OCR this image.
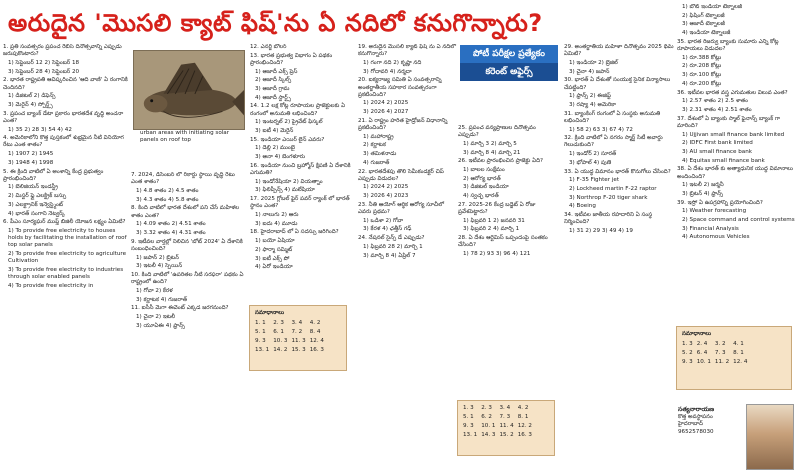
అరుదైన 'మొసలి క్యాట్ ఫిష్'ను ఏ నదిలో కనుగొన్నారు?
urban areas with initiating solar panels on roof top
పోటీ పరీక్షల ప్రత్యేకం
కరెంట్ అఫైర్స్

1. ప్రతి సంవత్సరం ప్రపంచ రేబిస్ దినోత్సవాన్ని ఎప్పుడు జరుపుకొంటారు?

1) సెప్టెంబర్ 12 2) సెప్టెంబర్ 18

3) సెప్టెంబర్ 28 4) సెప్టెంబర్ 20

2. భారత రాష్ట్రపతి ఆవిష్కరించిన 'ఆది వాణి' ఏ రంగానికి చెందినది?

1) డిజిటల్ 2) డిఫెన్స్

3) మెరైన్ 4) స్పోర్ట్స్

3. ప్రపంచ బ్యాంక్ డేటా ప్రకారం భారతదేశ వృద్ధి అంచనా ఎంత?

1) 35 2) 28 3) 54 4) 42

4. అమెరికాలోని కొత్త పుస్తకంలో శుభ్రమైన నీటి వినియోగ రేటు ఎంత శాతం?

1) 1907 2) 1945

3) 1948 4) 1998

5. ఈ క్రింది వాటిలో ఏ అంశాన్ని కేంద్ర ప్రభుత్వం ప్రారంభించింది?

1) బెలిజియన్ ఇండస్ట్రీ

2) మిస్టర్ ఫ్లై ఎలక్ట్రిక్ బస్సు

3) ఎలక్ట్రానిక్ ఇన్వెస్ట్మెంట్

4) భారత్ సంగాని నెట్వర్క్

6. పీఎం సూర్యఘర్ ముఫ్త్ బిజిలీ యోజన లక్ష్యం ఏమిటి?

1) To provide free electricity to houses holds by facilitating the installation of roof top solar panels

2) To provide free electricity to agriculture Cultivation

3) To provide free electricity to industries through solar enabled panels

4) To provide free electricity in

7. 2024, డిసెంబర్ లో రికార్డు స్థాయి వృద్ధి రేటు ఎంత శాతం?

1) 4.8 శాతం 2) 4.5 శాతం

3) 4.3 శాతం 4) 5.8 శాతం

8. కింది వాటిలో భారత దేశంలో పని చేసే మహిళల శాతం ఎంత?

1) 4.09 శాతం 2) 4.51 శాతం

3) 3.32 శాతం 4) 4.31 శాతం

9. ఇటీవల వార్తల్లో నిలిచిన 'బోట్ 2024' ఏ దేశానికి సంబంధించింది?

1) జపాన్ 2) బ్రిటన్

3) ఇటలీ 4) స్పెయిన్

10. కింది వాటిలో 'ఉపరితల నీటి సరఫరా' పథకం ఏ రాష్ట్రంలో ఉంది?

1) గోవా 2) కేరళ

3) కర్ణాటక 4) గుజరాత్

11. ఐసీసీ మెగా ఈవెంట్ ఎక్కడ జరగనుంది?

1) చైనా 2) ఇటలీ

3) యూఏఈ 4) ఫ్రాన్స్

12. ఎనర్జీ బోలర్

13. భారత ప్రభుత్వ విభాగం ఏ పథకం ప్రారంభించింది?

1) ఆజాదీ ఎక్స్ ప్రెస్

2) ఆజాదీ స్కిల్స్

3) ఆజాదీ గ్రామ

4) ఆజాదీ స్టార్ట్స్

14. 1.2 లక్ష కోట్ల రూపాయల ప్రాజెక్టులకు ఏ రంగంలో అనుమతి లభించింది?

1) ఇంటర్నల్ 2) ప్రైవేట్ ఫిస్కల్

3) ఐటీ 4) మెరైన్

15. ఇండియా ఎయిర్ లైన్ ఎవరు?

1) డెల్లి 2) ముంబై

3) ఆనా 4) బెంగళూరు

16. ఇండియా నుంచి బ్రహ్మోస్ క్షిపణి ఏ దేశానికి ఎగుమతి?

1) ఇండోనేషియా 2) వియత్నాం

3) ఫిలిప్పీన్స్ 4) మలేషియా

17. 2025 గ్లోబల్ ఫైర్ పవర్ ర్యాంక్ లో భారత్ స్థానం ఎంత?

1) నాలుగు 2) ఆరు

3) ఐదు 4) మూడు

18. హైదరాబాద్ లో ఏ సదస్సు జరిగింది?

1) బయో ఏషియా

2) ఫార్మా సమ్మిట్

3) ఐటీ ఎక్స్ పో

4) ఏరో ఇండియా

19. అరుదైన మొసలి క్యాట్ ఫిష్ ను ఏ నదిలో కనుగొన్నారు?

1) గంగా నది 2) కృష్ణా నది

3) గోదావరి 4) నర్మదా

20. ఐక్యరాజ్య సమితి ఏ సంవత్సరాన్ని అంతర్జాతీయ సహకార సంవత్సరంగా ప్రకటించింది?

1) 2024 2) 2025

3) 2026 4) 2027

21. ఏ రాష్ట్రం హరిత హైడ్రోజన్ విధానాన్ని ప్రకటించింది?

1) మహారాష్ట్ర

2) కర్ణాటక

3) తమిళనాడు

4) గుజరాత్

22. భారతదేశపు తొలి సెమీకండక్టర్ చిప్ ఎప్పుడు విడుదల?

1) 2024 2) 2025

3) 2026 4) 2023

23. నీతి ఆయోగ్ ఆర్థిక ఆరోగ్య సూచీలో ఎవరు ప్రథమ?

1) ఒడిశా 2) గోవా

3) కేరళ 4) ఛత్తీస్ గఢ్

24. నేషనల్ సైన్స్ డే ఎప్పుడు?

1) ఫిబ్రవరి 28 2) మార్చి 1

3) మార్చి 8 4) ఏప్రిల్ 7

25. ప్రపంచ వన్యప్రాణుల దినోత్సవం ఎప్పుడు?

1) మార్చి 3 2) మార్చి 5

3) మార్చి 8 4) మార్చి 21

26. ఇటీవల ప్రారంభించిన ప్రాజెక్టు ఏది?

1) బాలల సంక్షేమం

2) ఆరోగ్య భారత్

3) డిజిటల్ ఇండియా

4) స్వచ్ఛ భారత్

27. 2025-26 కేంద్ర బడ్జెట్ ఏ రోజు ప్రవేశపెట్టారు?

1) ఫిబ్రవరి 1 2) జనవరి 31

3) ఫిబ్రవరి 2 4) మార్చి 1

28. ఏ దేశం ఆర్టెమిస్ ఒప్పందంపై సంతకం చేసింది?

1) 78 2) 93 3) 96 4) 121

29. అంతర్జాతీయ మహిళా దినోత్సవం 2025 థీమ్ ఏమిటి?

1) ఇండియా 2) బ్రెజిల్

3) చైనా 4) జపాన్

30. భారత్ ఏ దేశంతో సంయుక్త సైనిక విన్యాసాలు చేపట్టింది?

1) ఫ్రాన్స్ 2) ఈజిప్ట్

3) రష్యా 4) అమెరికా

31. బ్యాంకింగ్ రంగంలో ఏ సంస్థకు అనుమతి లభించింది?

1) 58 2) 63 3) 67 4) 72

32. క్రింది వాటిలో ఏ నగరం స్మార్ట్ సిటీ అవార్డు గెలుచుకుంది?

1) ఇండోర్ 2) సూరత్

3) భోపాల్ 4) పుణె

33. ఏ యుద్ధ విమానం భారత్ కొనుగోలు చేసింది?

1) F-35 Fighter jet

2) Lockheed martin F-22 raptor

3) Northrop F-20 tiger shark

4) Boeing

34. ఇటీవల జాతీయ రహదారిని ఏ సంస్థ నిర్మించింది?

1) 31 2) 29 3) 49 4) 19

1) బోట్ ఇండియా టెక్నాలజీ

2) ఫిషింగ్ టెక్నాలజీ

3) ఆజాదీ టెక్నాలజీ

4) ఇండియా టెక్నాలజీ

35. భారత రిజర్వు బ్యాంకు సుమారు ఎన్ని కోట్ల రూపాయలు విడుదల?

1) రూ.388 కోట్లు

2) రూ.208 కోట్లు

3) రూ.100 కోట్లు

4) రూ.200 కోట్లు

36. ఇటీవల భారత వస్త్ర ఎగుమతుల విలువ ఎంత?

1) 2.57 శాతం 2) 2.5 శాతం

3) 2.31 శాతం 4) 2.51 శాతం

37. దేశంలో ఏ బ్యాంకు స్మాల్ ఫైనాన్స్ బ్యాంక్ గా మారింది?

1) Ujjivan small finance bank limited

2) IDFC First bank limited

3) AU small finance bank

4) Equitas small finance bank

38. ఏ దేశం భారత్ కు అత్యాధునిక యుద్ధ విమానాలు అందించింది?

1) ఇటలీ 2) జర్మనీ

3) బ్రిటన్ 4) ఫ్రాన్స్

39. ఇస్రో ఏ ఉపగ్రహాన్ని ప్రయోగించింది?

1) Weather forecasting

2) Space command and control systems

3) Financial Analysis

4) Autonomous Vehicles

సమాధానాలు
1. 1	2. 3	3. 4	4. 2
5. 1	6. 1	7. 2	8. 4
9. 3	10. 3	11. 3	12. 4
13. 1	14. 2	15. 3	16. 3
1. 3	2. 3	3. 4	4. 2
5. 1	6. 2	7. 3	8. 1
9. 3	10. 1	11. 4	12. 2
13. 1	14. 3	15. 2	16. 3
సమాధానాలు
1. 3	2. 4	3. 2	4. 1
5. 2	6. 4	7. 3	8. 1
9. 3	10. 1	11. 2	12. 4
సత్యనారాయణ
కొత్త అవస్థాపనం
హైదరాబాద్
9652578030
